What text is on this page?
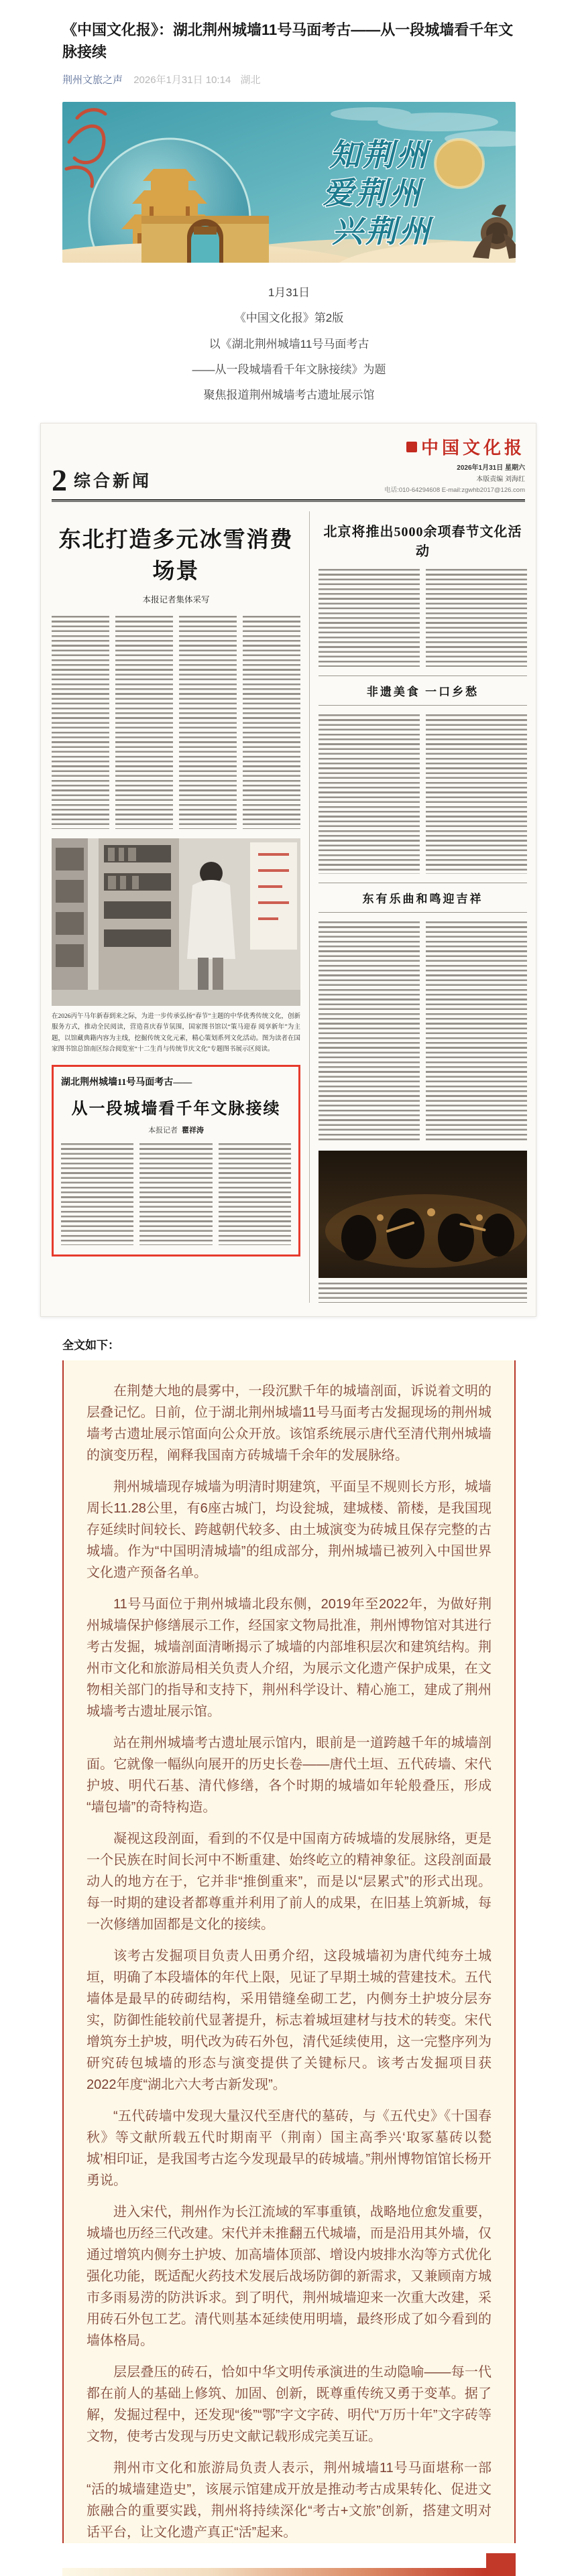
《中国文化报》：湖北荆州城墙11号马面考古——从一段城墙看千年文脉接续
荆州文旅之声 2026年1月31日 10:14 湖北
知荆州
爱荆州
兴荆州
1月31日
《中国文化报》第2版
以《湖北荆州城墙11号马面考古
——从一段城墙看千年文脉接续》为题
聚焦报道荆州城墙考古遗址展示馆
2 综合新闻
中国文化报
2026年1月31日 星期六
本版责编 刘海红
电话:010-64294608 E-mail:zgwhb2017@126.com
东北打造多元冰雪消费场景
本报记者集体采写
在2026丙午马年新春到来之际，为进一步传承弘扬“春节”主题的中华优秀传统文化，创新服务方式，推动全民阅读，营造喜庆春节氛围，国家图书馆以“策马迎春 阅享新年”为主题，以馆藏典籍内容为主线，挖掘传统文化元素，精心策划系列文化活动。图为读者在国家图书馆总馆南区综合阅览室“十二生肖与传统节庆文化”专题图书展示区阅读。
湖北荆州城墙11号马面考古——
从一段城墙看千年文脉接续
本报记者 瞿祥涛
北京将推出5000余项春节文化活动
非遗美食 一口乡愁
东有乐曲和鸣迎吉祥
全文如下：

在荆楚大地的晨雾中，一段沉默千年的城墙剖面，诉说着文明的层叠记忆。日前，位于湖北荆州城墙11号马面考古发掘现场的荆州城墙考古遗址展示馆面向公众开放。该馆系统展示唐代至清代荆州城墙的演变历程，阐释我国南方砖城墙千余年的发展脉络。

荆州城墙现存城墙为明清时期建筑，平面呈不规则长方形，城墙周长11.28公里，有6座古城门，均设瓮城，建城楼、箭楼，是我国现存延续时间较长、跨越朝代较多、由土城演变为砖城且保存完整的古城墙。作为“中国明清城墙”的组成部分，荆州城墙已被列入中国世界文化遗产预备名单。

11号马面位于荆州城墙北段东侧，2019年至2022年，为做好荆州城墙保护修缮展示工作，经国家文物局批准，荆州博物馆对其进行考古发掘，城墙剖面清晰揭示了城墙的内部堆积层次和建筑结构。荆州市文化和旅游局相关负责人介绍，为展示文化遗产保护成果，在文物相关部门的指导和支持下，荆州科学设计、精心施工，建成了荆州城墙考古遗址展示馆。

站在荆州城墙考古遗址展示馆内，眼前是一道跨越千年的城墙剖面。它就像一幅纵向展开的历史长卷——唐代土垣、五代砖墙、宋代护坡、明代石基、清代修缮，各个时期的城墙如年轮般叠压，形成“墙包墙”的奇特构造。

凝视这段剖面，看到的不仅是中国南方砖城墙的发展脉络，更是一个民族在时间长河中不断重建、始终屹立的精神象征。这段剖面最动人的地方在于，它并非“推倒重来”，而是以“层累式”的形式出现。每一时期的建设者都尊重并利用了前人的成果，在旧基上筑新城，每一次修缮加固都是文化的接续。

该考古发掘项目负责人田勇介绍，这段城墙初为唐代纯夯土城垣，明确了本段墙体的年代上限，见证了早期土城的营建技术。五代墙体是最早的砖砌结构，采用错缝垒砌工艺，内侧夯土护坡分层夯实，防御性能较前代显著提升，标志着城垣建材与技术的转变。宋代增筑夯土护坡，明代改为砖石外包，清代延续使用，这一完整序列为研究砖包城墙的形态与演变提供了关键标尺。该考古发掘项目获2022年度“湖北六大考古新发现”。

“五代砖墙中发现大量汉代至唐代的墓砖，与《五代史》《十国春秋》等文献所载五代时期南平（荆南）国主高季兴‘取冢墓砖以甃城’相印证，是我国考古迄今发现最早的砖城墙。”荆州博物馆馆长杨开勇说。

进入宋代，荆州作为长江流域的军事重镇，战略地位愈发重要，城墙也历经三代改建。宋代并未推翻五代城墙，而是沿用其外墙，仅通过增筑内侧夯土护坡、加高墙体顶部、增设内坡排水沟等方式优化强化功能，既适配火药技术发展后战场防御的新需求，又兼顾南方城市多雨易涝的防洪诉求。到了明代，荆州城墙迎来一次重大改建，采用砖石外包工艺。清代则基本延续使用明墙，最终形成了如今看到的墙体格局。

层层叠压的砖石，恰如中华文明传承演进的生动隐喻——每一代都在前人的基础上修筑、加固、创新，既尊重传统又勇于变革。据了解，发掘过程中，还发现“後”“鄂”字文字砖、明代“万历十年”文字砖等文物，使考古发现与历史文献记载形成完美互证。

荆州市文化和旅游局负责人表示，荆州城墙11号马面堪称一部“活的城墙建造史”，该展示馆建成开放是推动考古成果转化、促进文旅融合的重要实践，荆州将持续深化“考古+文旅”创新，搭建文明对话平台，让文化遗产真正“活”起来。
